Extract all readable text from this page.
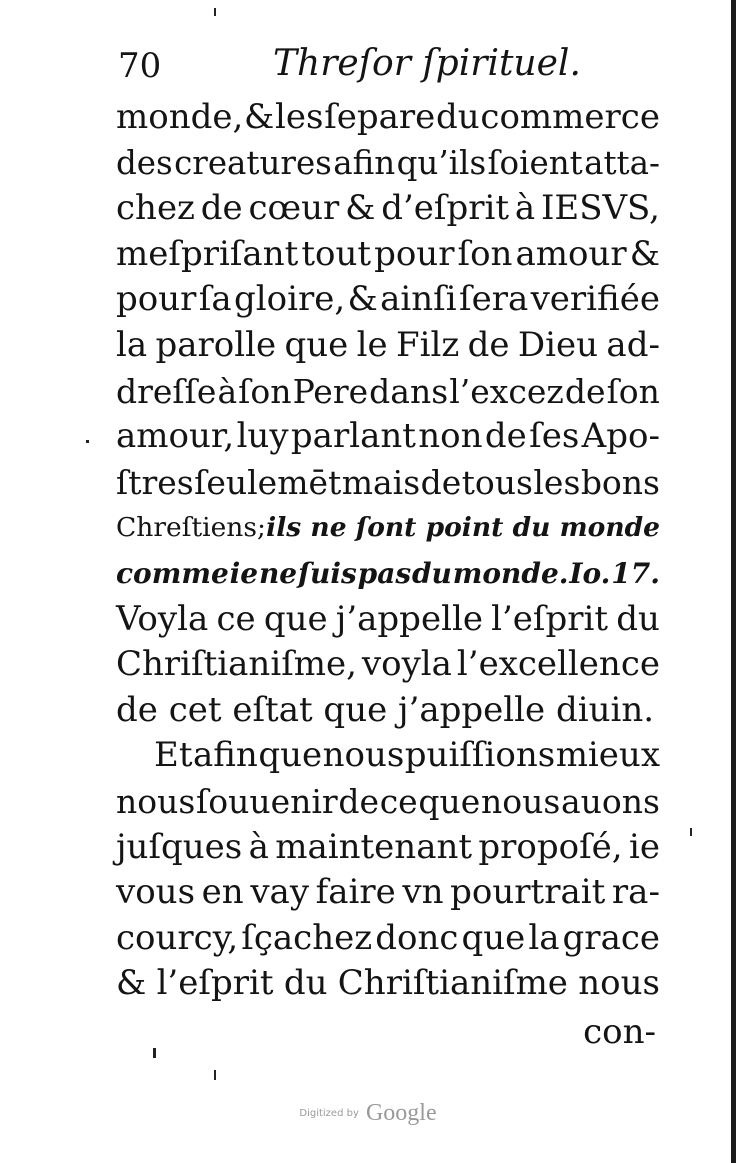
70	Threſor ſpirituel.
monde, & les ſepare du commerce
des creatures afin qu’ils ſoient atta-
chez de cœur & d’eſprit à IESVS,
meſpriſant tout pour ſon amour &
pour ſa gloire, & ainſi ſera verifiée
la parolle que le Filz de Dieu ad-
dreſſe à ſon Pere dans l’excez de ſon
amour, luy parlant non de ſes Apo-
ſtres ſeulemēt mais de tous les bons
Chreſtiens; ils ne ſont point du monde
comme ie ne ſuis pas du monde. Io. 17.
Voyla ce que j’appelle l’eſprit du
Chriſtianiſme, voyla l’excellence
de cet eſtat que j’appelle diuin.
Et afin que nous puiſſions mieux
nous ſouuenir de ce que nous auons
juſques à maintenant propoſé, ie
vous en vay faire vn pourtrait ra-
courcy, ſçachez donc que la grace
& l’eſprit du Chriſtianiſme nous
con-
Digitized by Google
